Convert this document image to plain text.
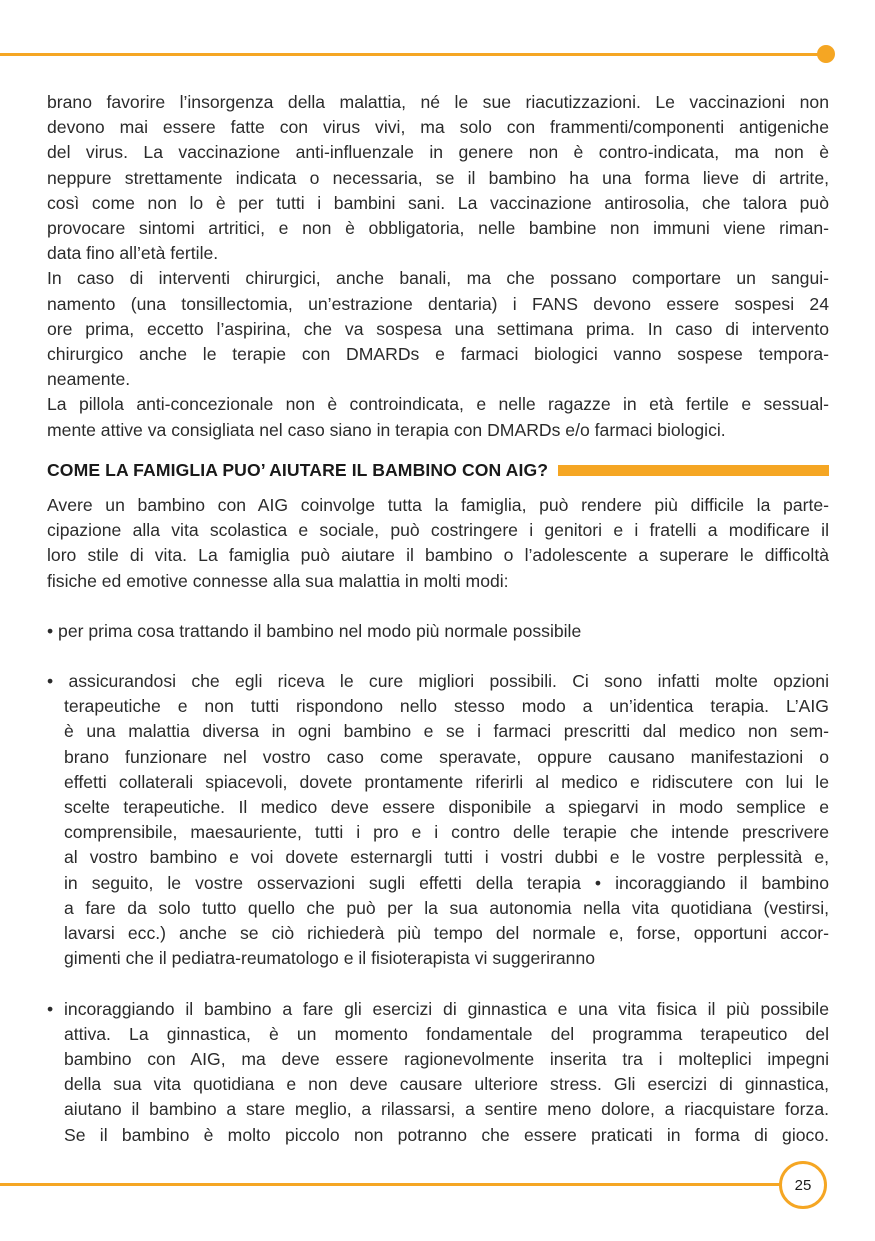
brano favorire l’insorgenza della malattia, né le sue riacutizzazioni. Le vaccinazioni non
devono mai essere fatte con virus vivi, ma solo con frammenti/componenti antigeniche
del virus. La vaccinazione anti-influenzale in genere non è contro-indicata, ma non è
neppure strettamente indicata o necessaria, se il bambino ha una forma lieve di artrite,
così come non lo è per tutti i bambini sani. La vaccinazione antirosolia, che talora può
provocare sintomi artritici, e non è obbligatoria, nelle bambine non immuni viene riman-
data fino all’età fertile.
In caso di interventi chirurgici, anche banali, ma che possano comportare un sangui-
namento (una tonsillectomia, un’estrazione dentaria) i FANS devono essere sospesi 24
ore prima, eccetto l’aspirina, che va sospesa una settimana prima. In caso di intervento
chirurgico anche le terapie con DMARDs e farmaci biologici vanno sospese tempora-
neamente.
La pillola anti-concezionale non è controindicata, e nelle ragazze in età fertile e sessual-
mente attive va consigliata nel caso siano in terapia con DMARDs e/o farmaci biologici.
COME LA FAMIGLIA PUO’ AIUTARE IL BAMBINO CON AIG?
Avere un bambino con AIG coinvolge tutta la famiglia, può rendere più difficile la parte-
cipazione alla vita scolastica e sociale, può costringere i genitori e i fratelli a modificare il
loro stile di vita. La famiglia può aiutare il bambino o l’adolescente a superare le difficoltà
fisiche ed emotive connesse alla sua malattia in molti modi:
• per prima cosa trattando il bambino nel modo più normale possibile
• assicurandosi che egli riceva le cure migliori possibili. Ci sono infatti molte opzioni
terapeutiche e non tutti rispondono nello stesso modo a un’identica terapia. L’AIG
è una malattia diversa in ogni bambino e se i farmaci prescritti dal medico non sem-
brano funzionare nel vostro caso come speravate, oppure causano manifestazioni o
effetti collaterali spiacevoli, dovete prontamente riferirli al medico e ridiscutere con lui le
scelte terapeutiche. Il medico deve essere disponibile a spiegarvi in modo semplice e
comprensibile, maesauriente, tutti i pro e i contro delle terapie che intende prescrivere
al vostro bambino e voi dovete esternargli tutti i vostri dubbi e le vostre perplessità e,
in seguito, le vostre osservazioni sugli effetti della terapia • incoraggiando il bambino
a fare da solo tutto quello che può per la sua autonomia nella vita quotidiana (vestirsi,
lavarsi ecc.) anche se ciò richiederà più tempo del normale e, forse, opportuni accor-
gimenti che il pediatra-reumatologo e il fisioterapista vi suggeriranno
• incoraggiando il bambino a fare gli esercizi di ginnastica e una vita fisica il più possibile
attiva. La ginnastica, è un momento fondamentale del programma terapeutico del
bambino con AIG, ma deve essere ragionevolmente inserita tra i molteplici impegni
della sua vita quotidiana e non deve causare ulteriore stress. Gli esercizi di ginnastica,
aiutano il bambino a stare meglio, a rilassarsi, a sentire meno dolore, a riacquistare forza.
Se il bambino è molto piccolo non potranno che essere praticati in forma di gioco.
25
